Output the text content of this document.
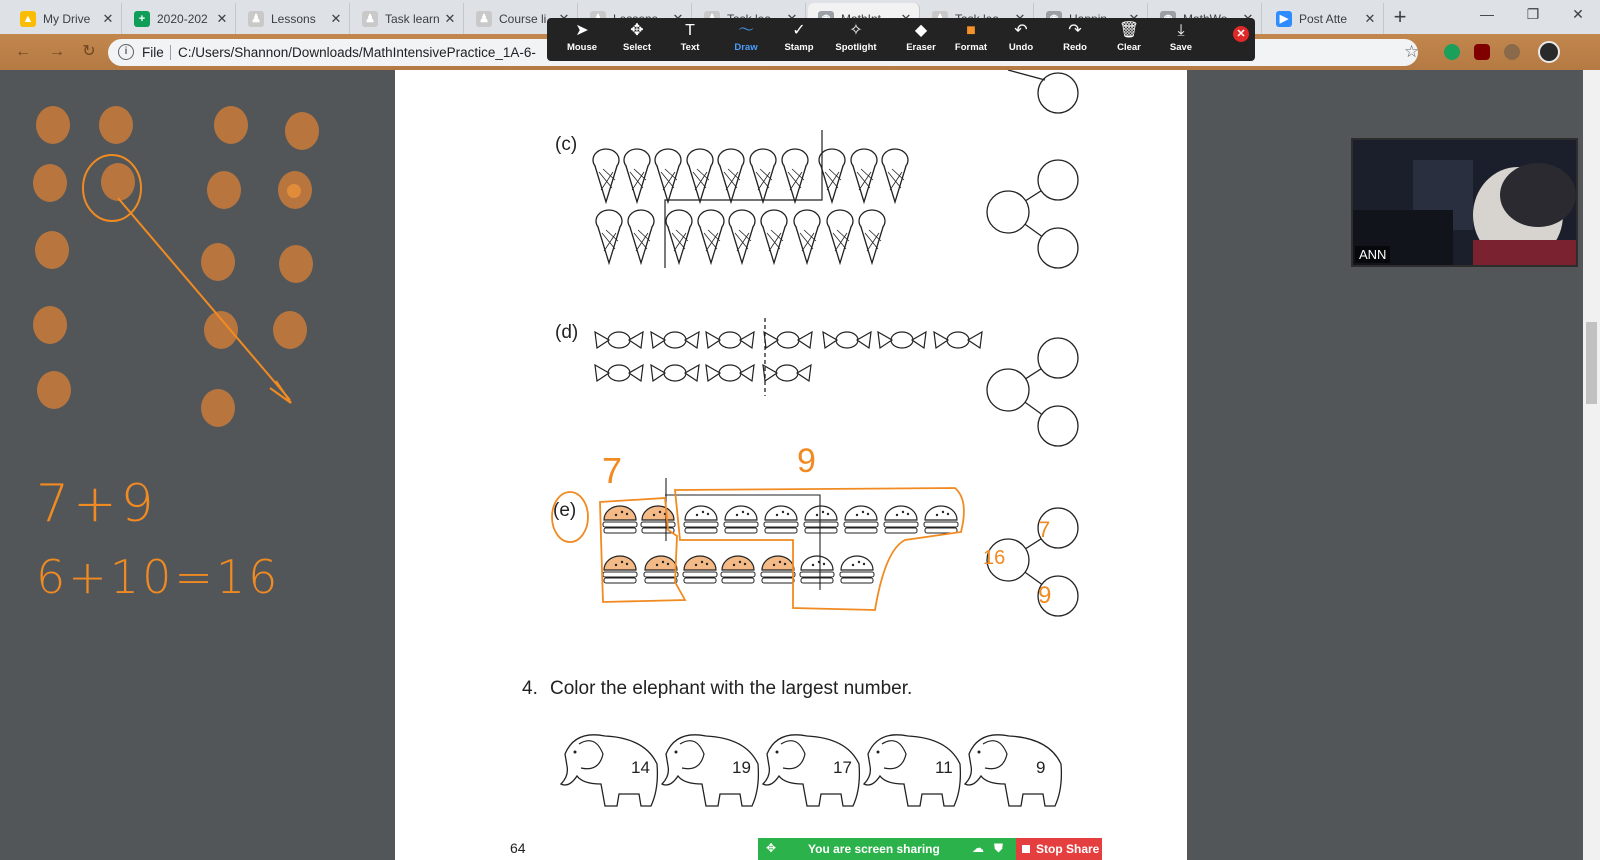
▲ My Drive ✕	+ 2020-202 ✕ ♟ Lessons	✕ ♟ Task learn ✕ ♟ Course li	▶ Post Atte	✕ +	—	❐	✕
← → ↻	i	File C:/Users/Shannon/Downloads/MathIntensivePractice_1A-6-	☆
➤
Mouse
✥
Select
T
Text
〜
Draw
✓
Stamp
✧
Spotlight
◆
Eraser
■
Format
↶
Undo
↷
Redo
🗑
Clear
⤓
Save
✕
7+9
6+10=16
(c)
(d)
(e)
4. Color the elephant with the largest number.
14	19	17	11	9
64
16
7
9
7	9
ANN
✥	You are screen sharing	☁ ⛊	Stop Share
